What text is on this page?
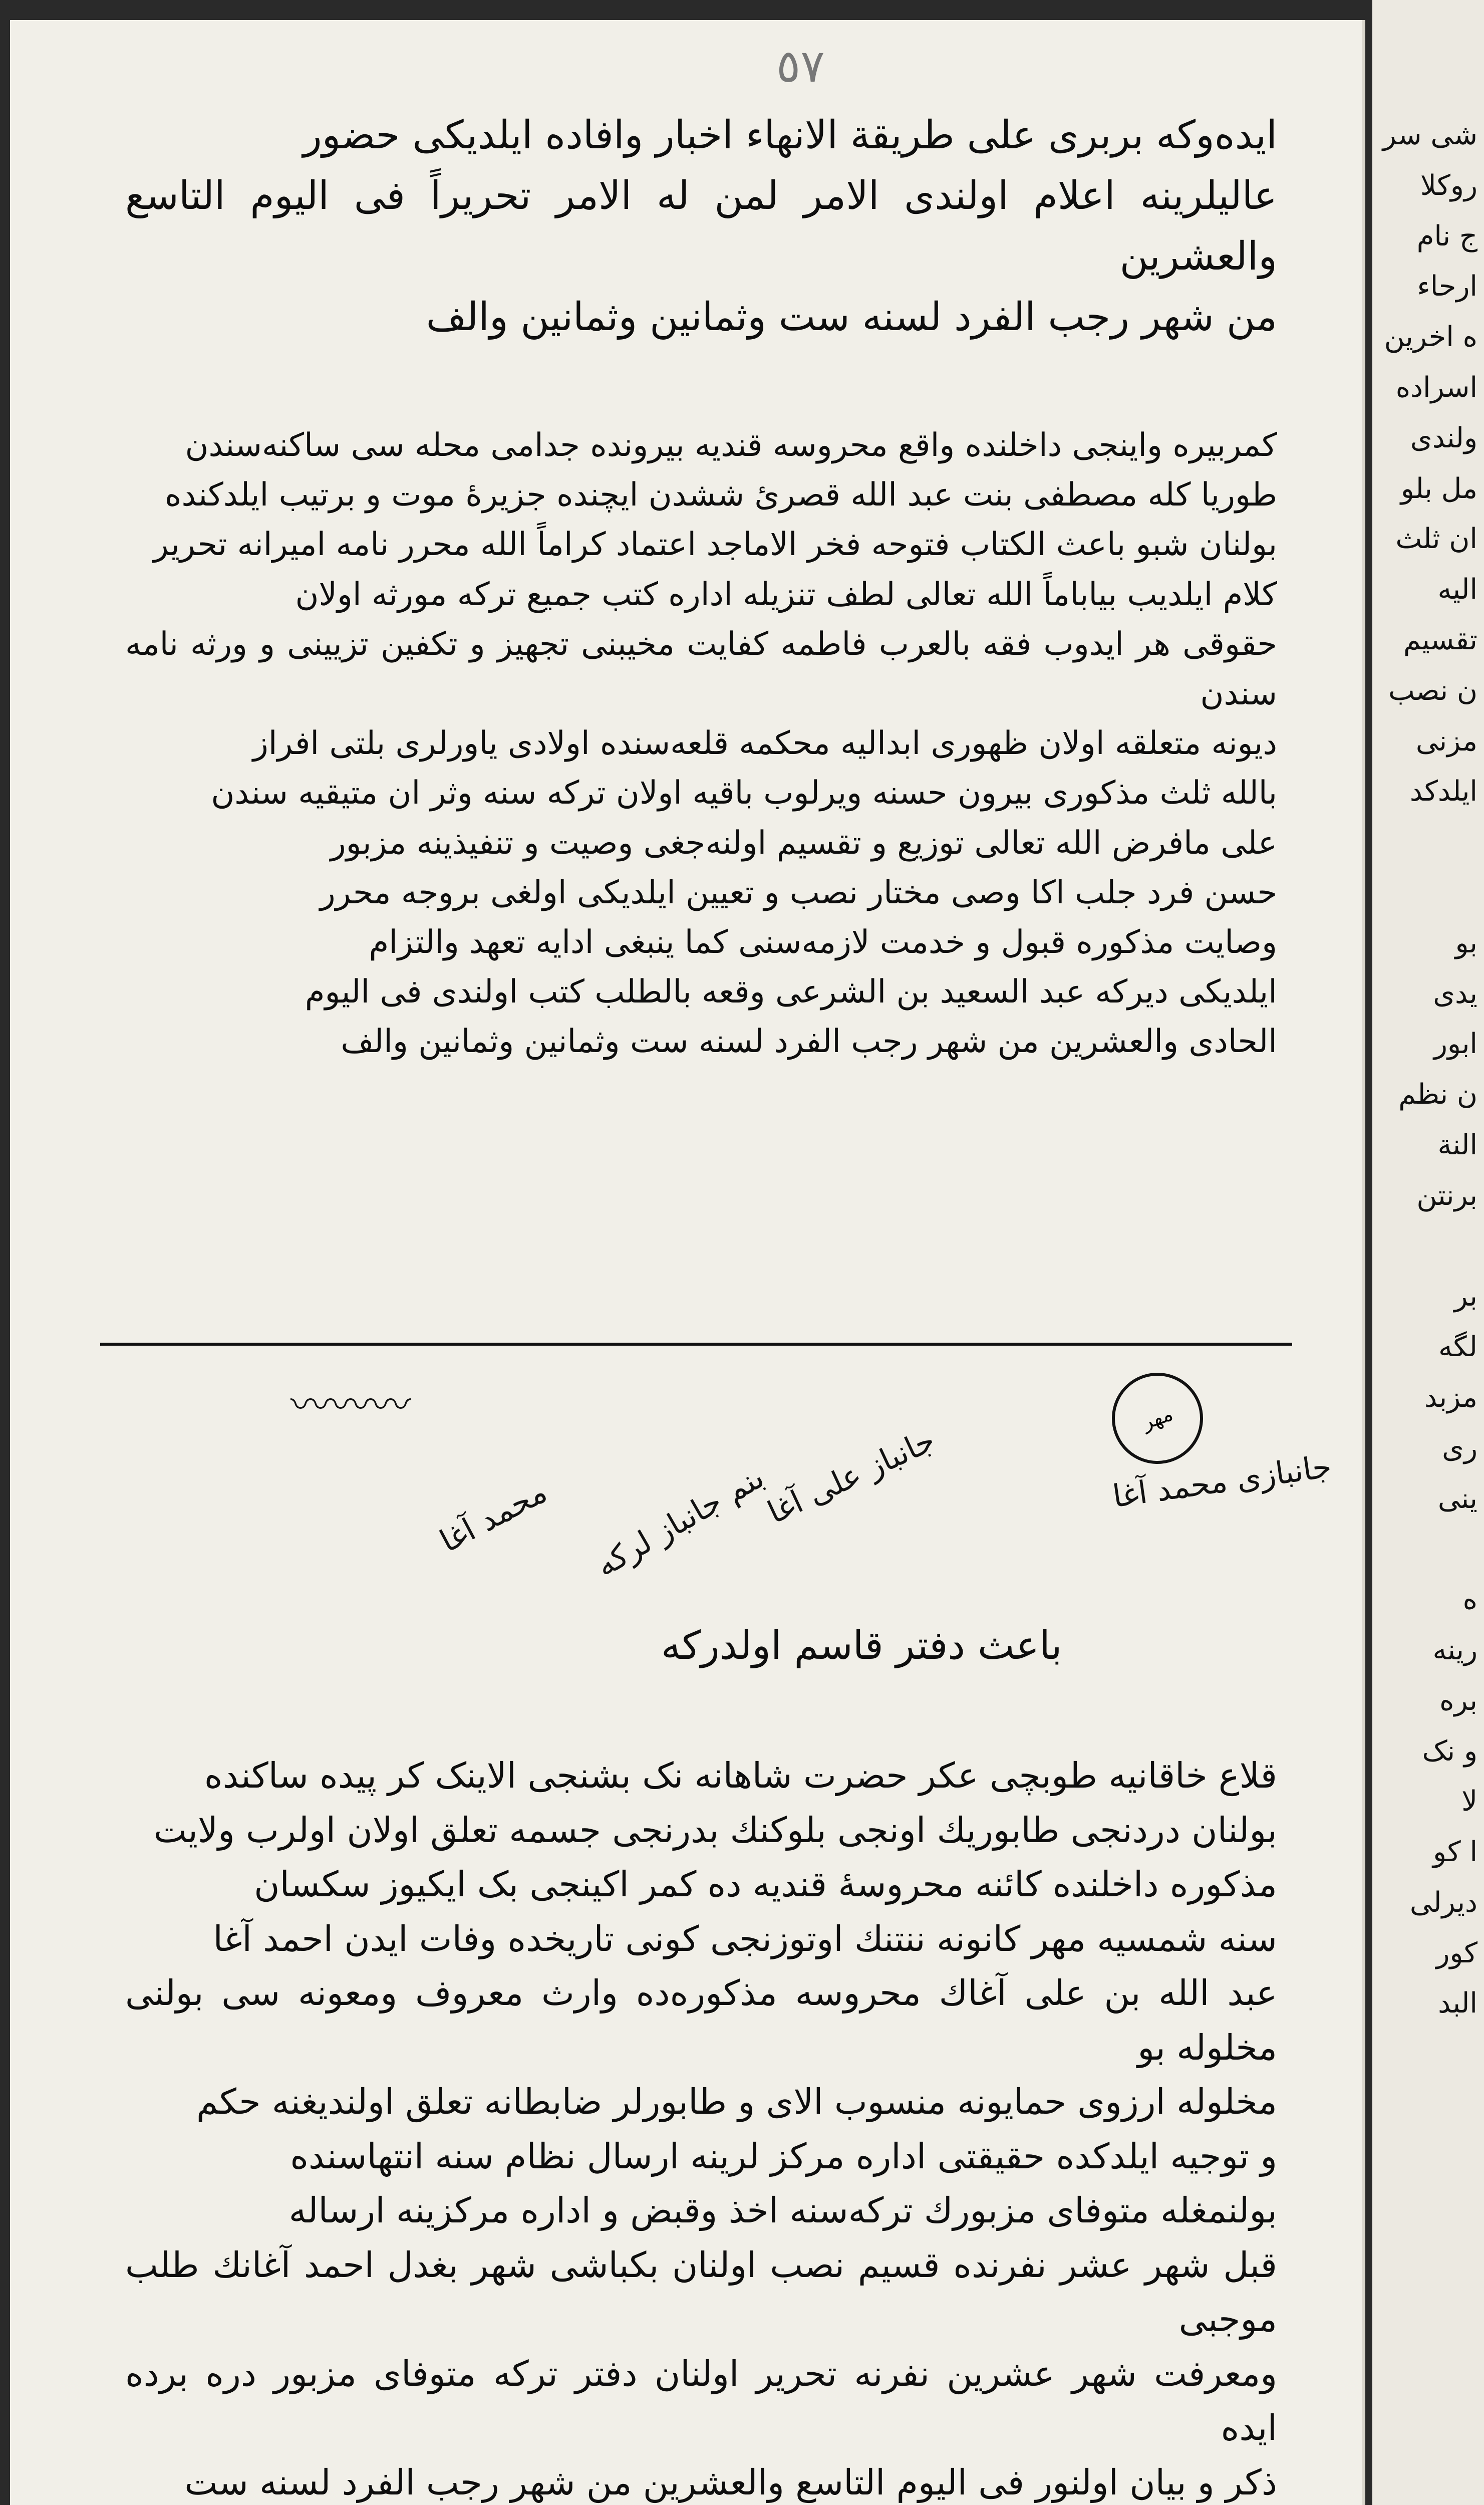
٥٧

ایده‌وکه بربری علی طریقة الانهاء اخبار وافاده ایلدیکی حضور

عالیلرینه اعلام اولندی الامر لمن له الامر تحریراً فی الیوم التاسع والعشرین

من شهر رجب الفرد لسنه ست وثمانین وثمانین والف

کمربیره واینجی داخلنده واقع محروسه قندیه بیرونده جدامی محله سی ساکنه‌سندن

طوریا کله مصطفی بنت عبد الله قصرئ ششدن ایچنده جزیرهٔ موت و برتیب ایلدکنده

بولنان شبو باعث الکتاب فتوحه فخر الاماجد اعتماد کراماً الله محرر نامه امیرانه تحریر

کلام ایلدیب بیاباماً الله تعالی لطف تنزیله اداره کتب جمیع ترکه مورثه اولان

حقوقی هر ایدوب فقه بالعرب فاطمه کفایت مخیبنی تجهیز و تکفین تزیینی و ورثه نامه سندن

ديونه متعلقه اولان ظهوری ابدالیه محکمه قلعه‌سنده اولادی یاورلری بلتی افراز

بالله ثلث مذکوری بیرون حسنه ویرلوب باقیه اولان ترکه سنه وثر ان متیقیه سندن

علی مافرض الله تعالی توزیع و تقسیم اولنه‌جغی وصیت و تنفیذینه مزبور

حسن فرد جلب اکا وصی مختار نصب و تعیین ایلدیکی اولغی بروجه محرر

وصایت مذکوره قبول و خدمت لازمه‌سنی کما ینبغی ادایه تعهد والتزام

ایلدیکی دیرکه عبد السعید بن الشرعی وقعه بالطلب کتب اولندی فی الیوم

الحادی والعشرین من شهر رجب الفرد لسنه ست وثمانین وثمانین والف

〰〰〰	مهر
جانبازی محمد آغا
جانباز علی آغا
بنم جانباز لرکه
محمد آغا
باعث دفتر قاسم اولدرکه

قلاع خاقانیه طوبچی عکر حضرت شاهانه نک بشنجی الاینک کر پیده ساکنده

بولنان دردنجی طابوریك اونجی بلوکنك بدرنجی جسمه تعلق اولان اولرب ولایت

مذکوره داخلنده کائنه محروسهٔ قندیه ده کمر اکینجی بک ایکیوز سکسان

سنه شمسیه مهر کانونه ننتنك اوتوزنجی کونی تاریخده وفات ایدن احمد آغا

عبد الله بن علی آغاك محروسه مذکوره‌ده وارث معروف ومعونه سی بولنی مخلوله بو

مخلوله ارزوی حمایونه منسوب الای و طابورلر ضابطانه تعلق اولندیغنه حکم

و توجیه ایلدکده حقیقتی اداره مرکز لرینه ارسال نظام سنه انتهاسنده

بولنمغله متوفای مزبورك ترکه‌سنه اخذ وقبض و اداره مرکزینه ارساله

قبل شهر عشر نفرنده قسیم نصب اولنان بکباشی شهر بغدل احمد آغانك طلب موجبی

ومعرفت شهر عشرین نفرنه تحریر اولنان دفتر ترکه متوفای مزبور دره برده ایده

ذکر و بیان اولنور فی الیوم التاسع والعشرین من شهر رجب الفرد لسنه ست

شی سر
روکلا
ج نام
ارحاء
ه اخرین
اسراده
ولندی
مل بلو
ان ثلث
الیه
تقسیم
ن نصب
مزنی
ایلدکد

بو
یدی
ابور
ن نظم
النة
برنتن

بر
لگه
مزبد
ری
ینی

ه
رینه
بره
و نک
لا
ا کو
دیرلی
کور
البد
